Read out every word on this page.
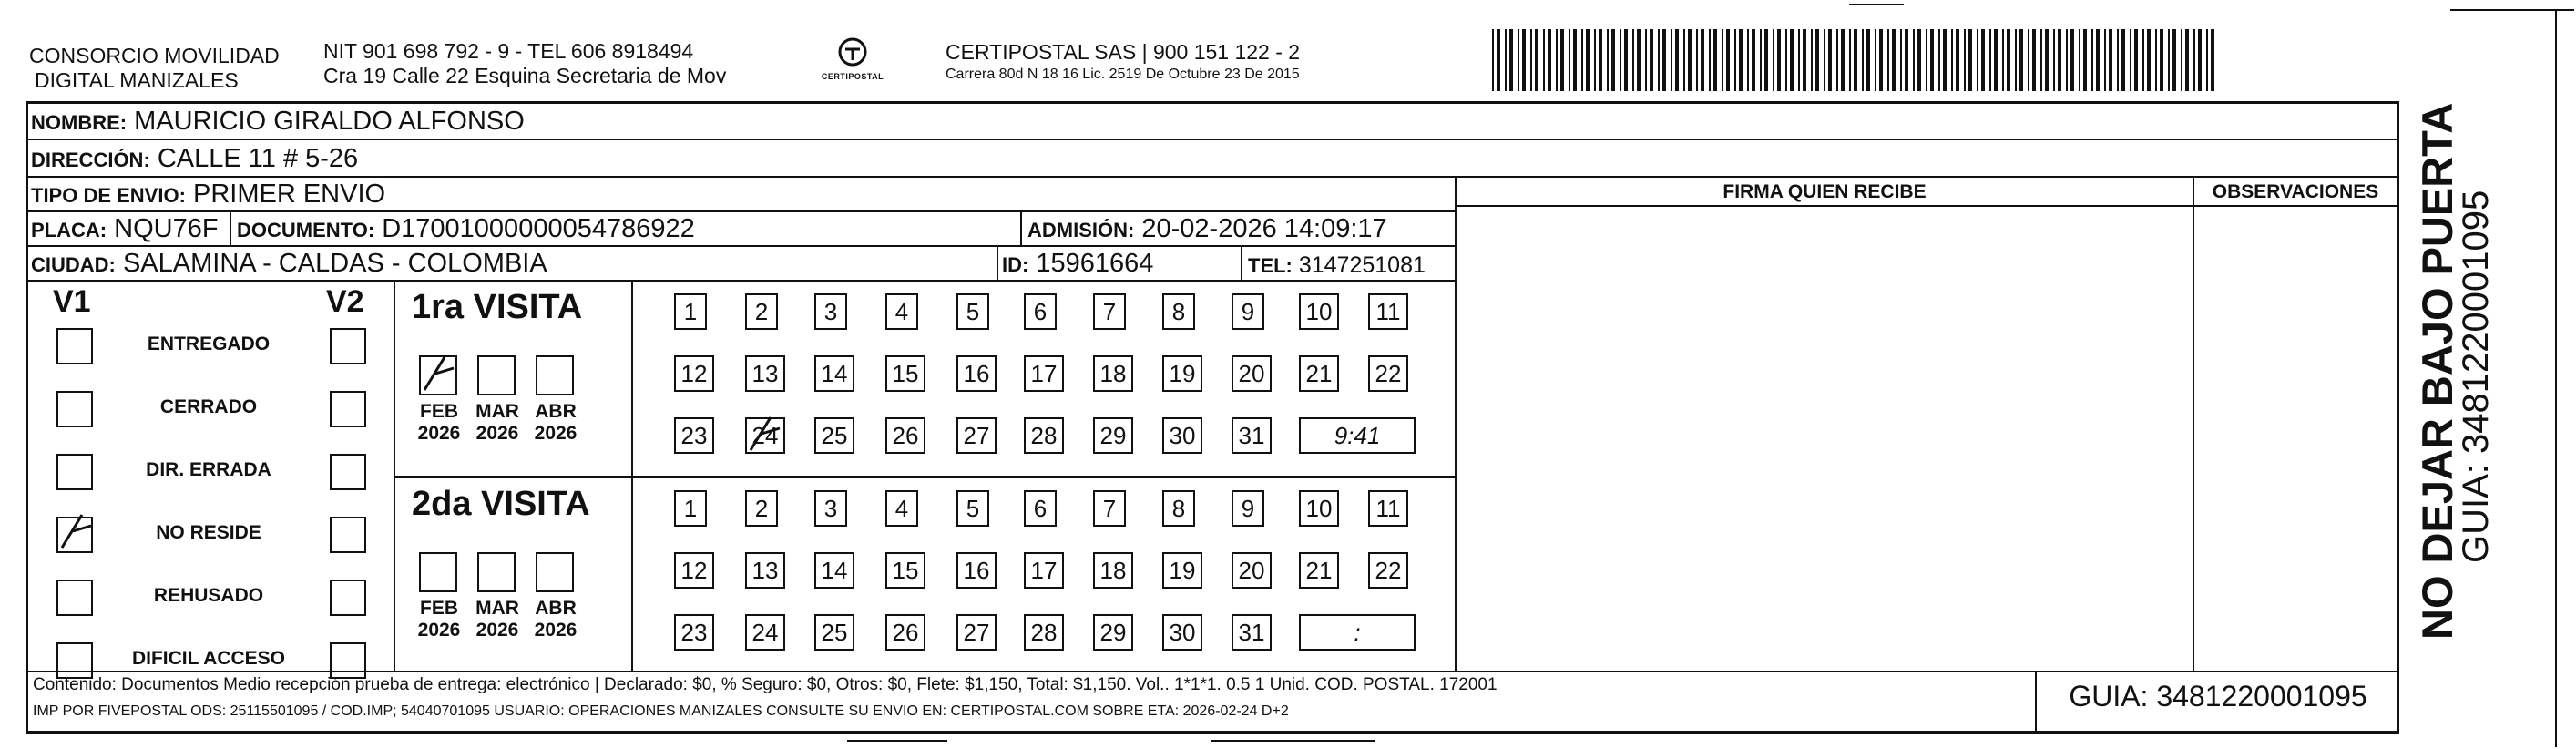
CONSORCIO MOVILIDAD
DIGITAL MANIZALES
NIT 901 698 792 - 9 - TEL 606 8918494
Cra 19 Calle 22 Esquina Secretaria de Mov	CERTIPOSTAL
CERTIPOSTAL SAS | 900 151 122 - 2
Carrera 80d N 18 16 Lic. 2519 De Octubre 23 De 2015
NOMBRE: MAURICIO GIRALDO ALFONSO
DIRECCIÓN: CALLE 11 # 5-26
TIPO DE ENVIO: PRIMER ENVIO
PLACA: NQU76F DOCUMENTO: D17001000000054786922	ADMISIÓN: 20-02-2026 14:09:17
CIUDAD: SALAMINA - CALDAS - COLOMBIA	ID: 15961664	TEL: 3147251081
FIRMA QUIEN RECIBE	OBSERVACIONES
V1	V2
ENTREGADO
CERRADO
DIR. ERRADA
NO RESIDE
REHUSADO
DIFICIL ACCESO
1ra VISITA
FEB
2026
MAR
2026
ABR
2026
1	2	3	4	5	6	7	8	9	10	11
12 13 14 15 16 17 18 19 20 21 22
23 24 25 26 27 28 29 30 31	9:41
2da VISITA
FEB
2026
MAR
2026
ABR
2026
1	2	3	4	5	6	7	8	9	10	11
12 13 14 15 16 17 18 19 20 21 22
23 24 25 26 27 28 29 30 31	:
Contenido: Documentos Medio recepción prueba de entrega: electrónico | Declarado: $0, % Seguro: $0, Otros: $0, Flete: $1,150, Total: $1,150. Vol.. 1*1*1. 0.5 1 Unid. COD. POSTAL. 172001
IMP POR FIVEPOSTAL ODS: 25115501095 / COD.IMP; 54040701095 USUARIO: OPERACIONES MANIZALES CONSULTE SU ENVIO EN: CERTIPOSTAL.COM SOBRE ETA: 2026-02-24 D+2	GUIA: 3481220001095
NO DEJAR BAJO PUERTA
GUIA: 3481220001095
